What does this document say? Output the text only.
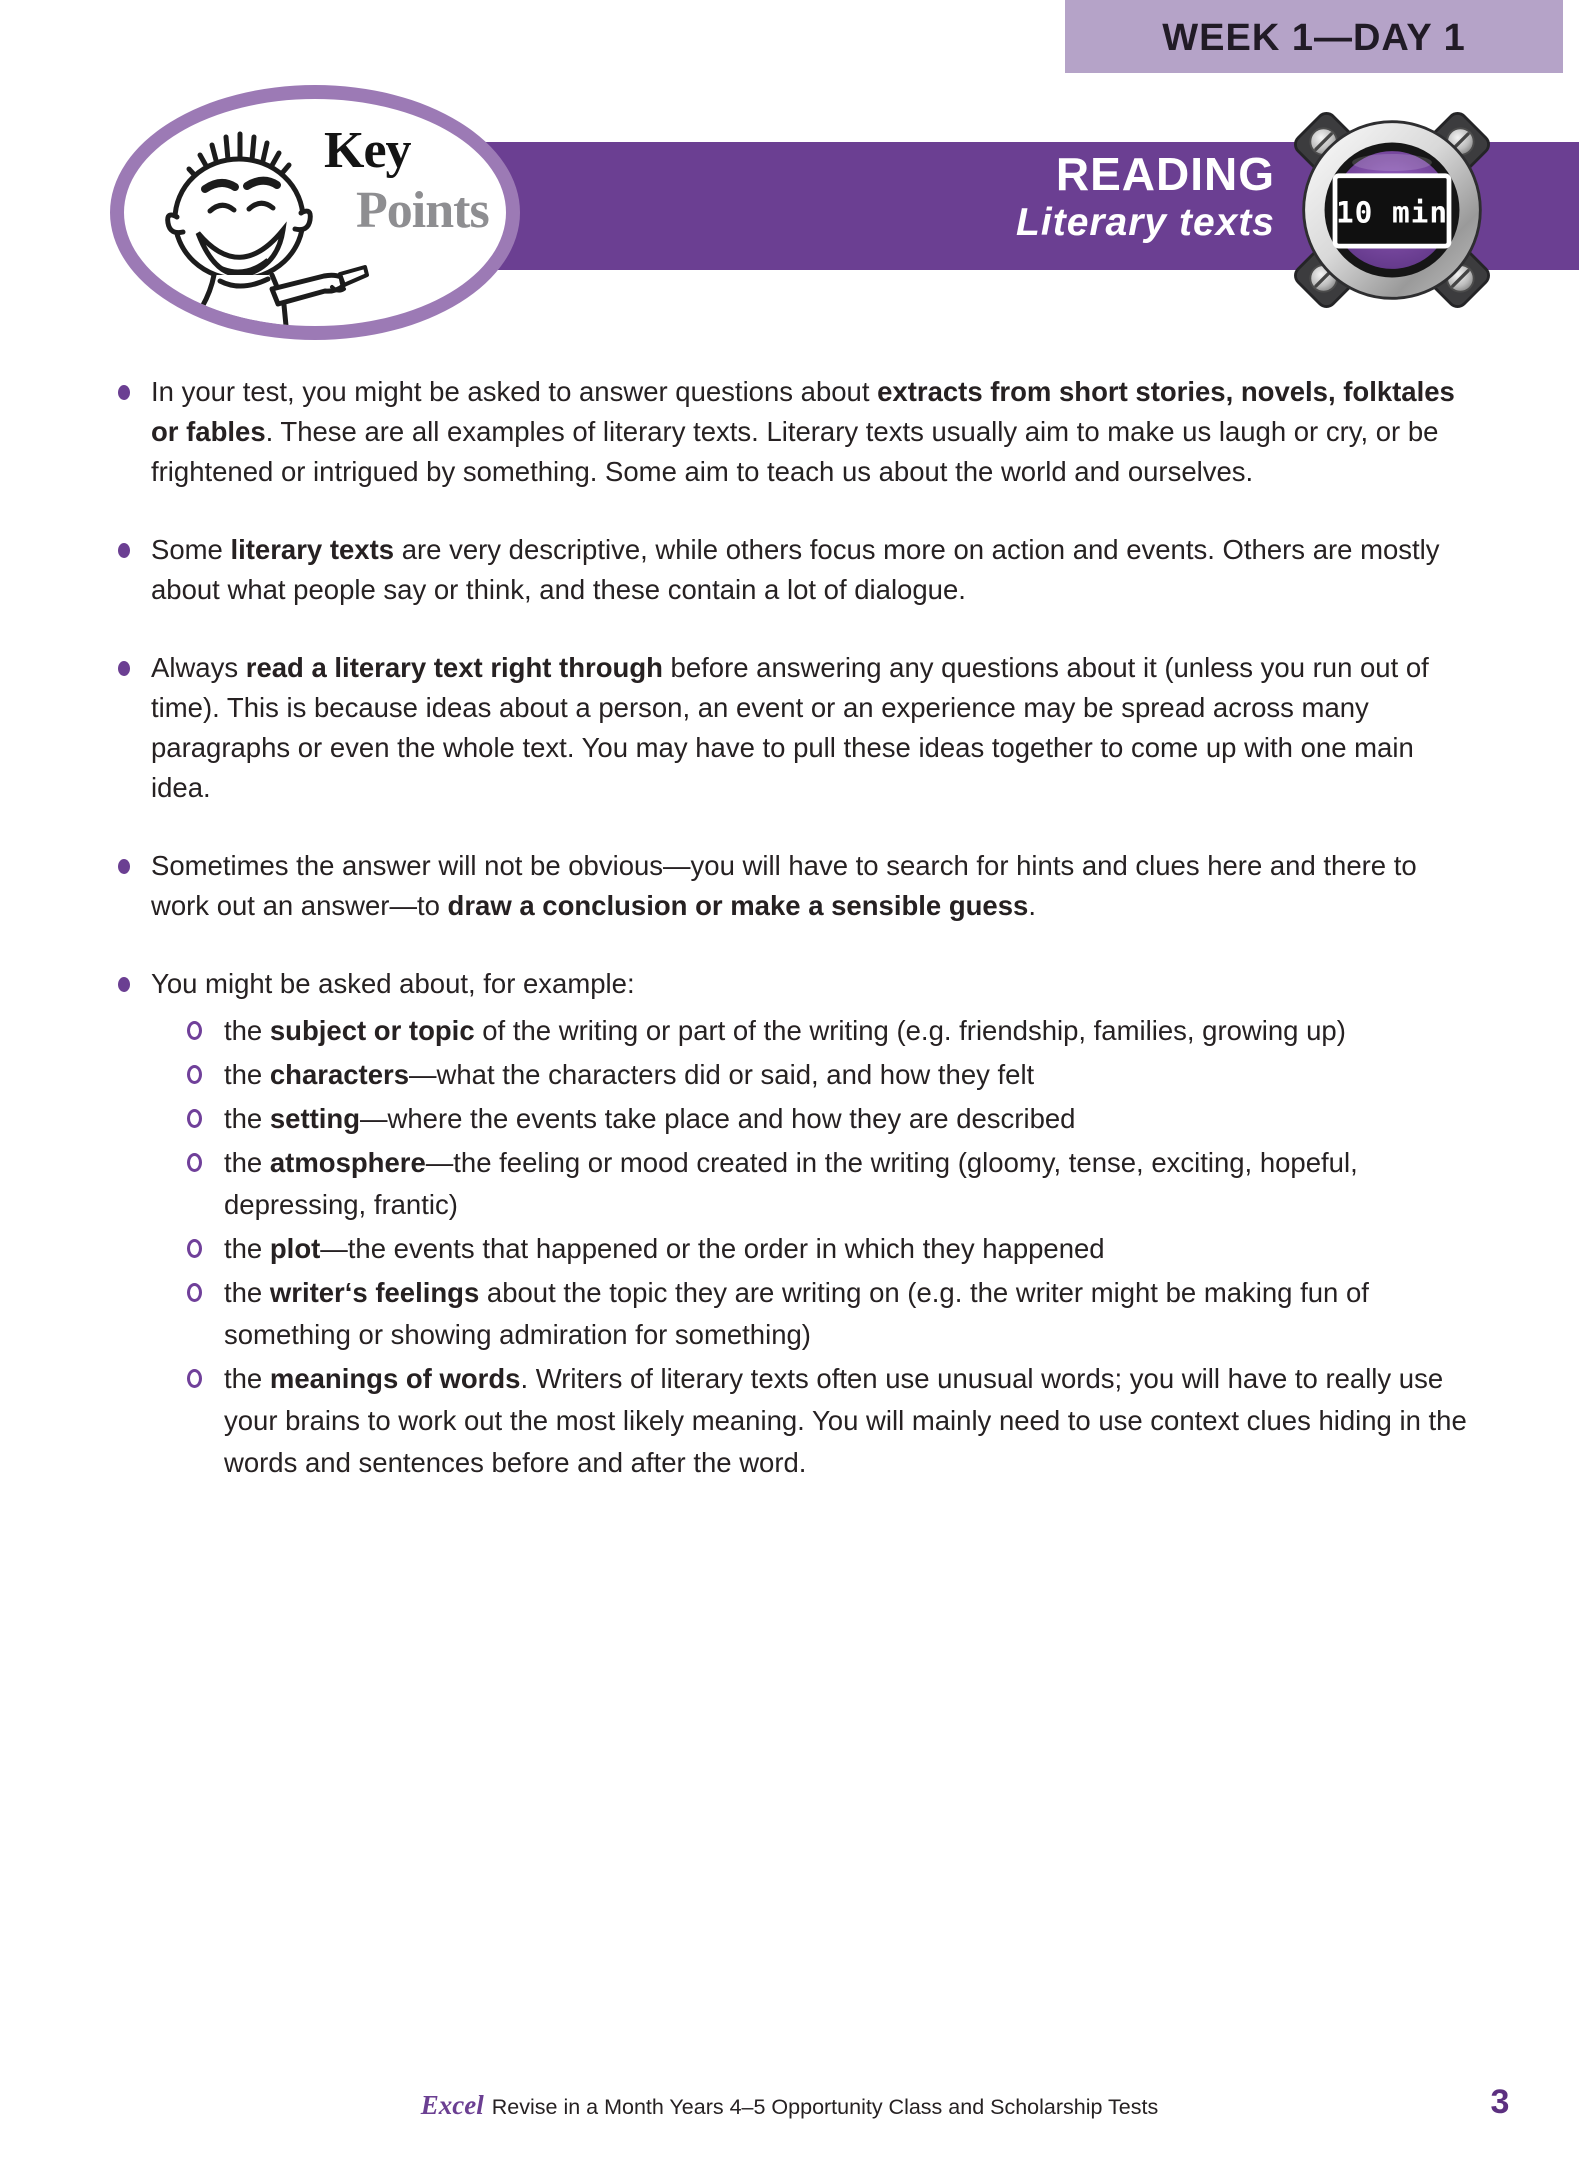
WEEK 1—DAY 1
READING
Literary texts
Key
Points	10 min
In your test, you might be asked to answer questions about extracts from short stories, novels, folktales or fables. These are all examples of literary texts. Literary texts usually aim to make us laugh or cry, or be frightened or intrigued by something. Some aim to teach us about the world and ourselves.
Some literary texts are very descriptive, while others focus more on action and events. Others are mostly about what people say or think, and these contain a lot of dialogue.
Always read a literary text right through before answering any questions about it (unless you run out of time). This is because ideas about a person, an event or an experience may be spread across many paragraphs or even the whole text. You may have to pull these ideas together to come up with one main idea.
Sometimes the answer will not be obvious—you will have to search for hints and clues here and there to work out an answer—to draw a conclusion or make a sensible guess.
You might be asked about, for example:
the subject or topic of the writing or part of the writing (e.g. friendship, families, growing up)
the characters—what the characters did or said, and how they felt
the setting—where the events take place and how they are described
the atmosphere—the feeling or mood created in the writing (gloomy, tense, exciting, hopeful, depressing, frantic)
the plot—the events that happened or the order in which they happened
the writer‘s feelings about the topic they are writing on (e.g. the writer might be making fun of something or showing admiration for something)
the meanings of words. Writers of literary texts often use unusual words; you will have to really use your brains to work out the most likely meaning. You will mainly need to use context clues hiding in the words and sentences before and after the word.
Excel Revise in a Month Years 4–5 Opportunity Class and Scholarship Tests	3
